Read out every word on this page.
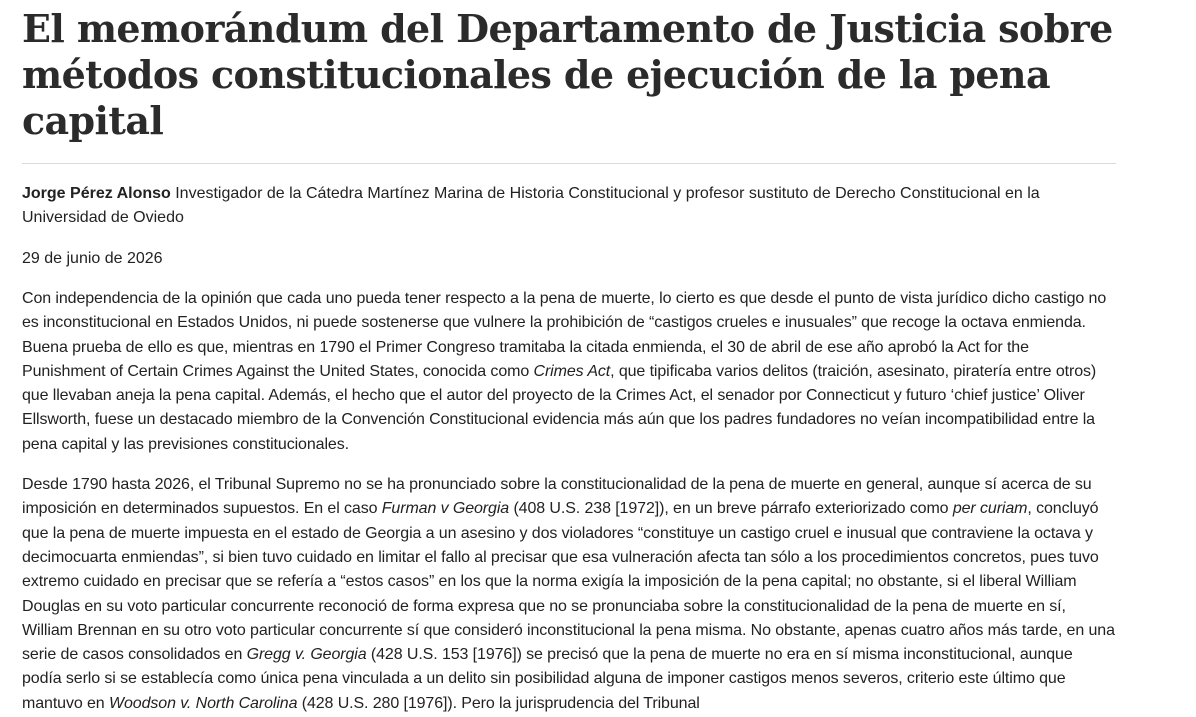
El memorándum del Departamento de Justicia sobre métodos constitucionales de ejecución de la pena capital

Jorge Pérez Alonso Investigador de la Cátedra Martínez Marina de Historia Constitucional y profesor sustituto de Derecho Constitucional en la Universidad de Oviedo

29 de junio de 2026

Con independencia de la opinión que cada uno pueda tener respecto a la pena de muerte, lo cierto es que desde el punto de vista jurídico dicho castigo no es inconstitucional en Estados Unidos, ni puede sostenerse que vulnere la prohibición de “castigos crueles e inusuales” que recoge la octava enmienda. Buena prueba de ello es que, mientras en 1790 el Primer Congreso tramitaba la citada enmienda, el 30 de abril de ese año aprobó la Act for the Punishment of Certain Crimes Against the United States, conocida como Crimes Act, que tipificaba varios delitos (traición, asesinato, piratería entre otros) que llevaban aneja la pena capital. Además, el hecho que el autor del proyecto de la Crimes Act, el senador por Connecticut y futuro ‘chief justice’ Oliver Ellsworth, fuese un destacado miembro de la Convención Constitucional evidencia más aún que los padres fundadores no veían incompatibilidad entre la pena capital y las previsiones constitucionales.

Desde 1790 hasta 2026, el Tribunal Supremo no se ha pronunciado sobre la constitucionalidad de la pena de muerte en general, aunque sí acerca de su imposición en determinados supuestos. En el caso Furman v Georgia (408 U.S. 238 [1972]), en un breve párrafo exteriorizado como per curiam, concluyó que la pena de muerte impuesta en el estado de Georgia a un asesino y dos violadores “constituye un castigo cruel e inusual que contraviene la octava y decimocuarta enmiendas”, si bien tuvo cuidado en limitar el fallo al precisar que esa vulneración afecta tan sólo a los procedimientos concretos, pues tuvo extremo cuidado en precisar que se refería a “estos casos” en los que la norma exigía la imposición de la pena capital; no obstante, si el liberal William Douglas en su voto particular concurrente reconoció de forma expresa que no se pronunciaba sobre la constitucionalidad de la pena de muerte en sí, William Brennan en su otro voto particular concurrente sí que consideró inconstitucional la pena misma. No obstante, apenas cuatro años más tarde, en una serie de casos consolidados en Gregg v. Georgia (428 U.S. 153 [1976]) se precisó que la pena de muerte no era en sí misma inconstitucional, aunque podía serlo si se establecía como única pena vinculada a un delito sin posibilidad alguna de imponer castigos menos severos, criterio este último que mantuvo en Woodson v. North Carolina (428 U.S. 280 [1976]). Pero la jurisprudencia del Tribunal
